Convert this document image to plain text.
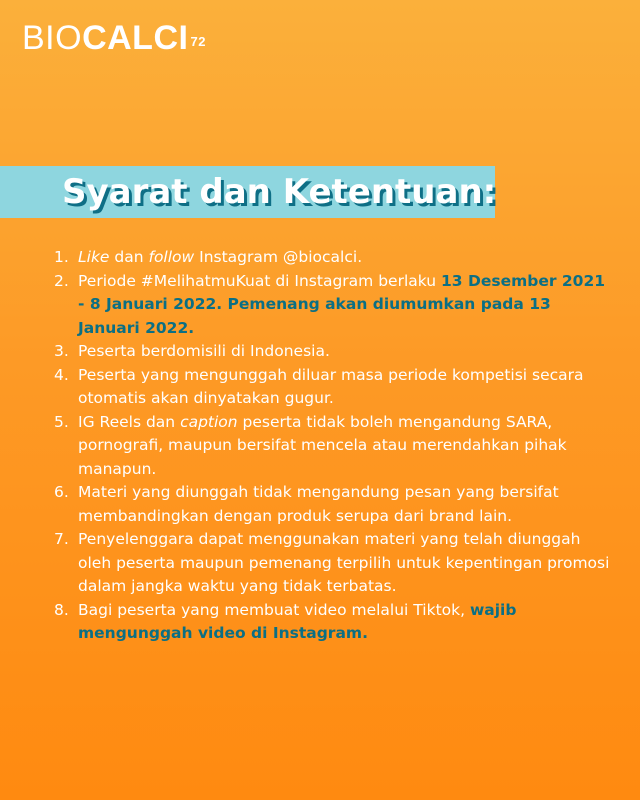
BIOCALCI $^{72}$
Syarat dan Ketentuan:
1. Like dan follow Instagram @biocalci.
2. Periode #MelihatmuKuat di Instagram berlaku 13 Desember 2021 - 8 Januari 2022. Pemenang akan diumumkan pada 13 Januari 2022.
3. Peserta berdomisili di Indonesia.
4. Peserta yang mengunggah diluar masa periode kompetisi secara otomatis akan dinyatakan gugur.
5. IG Reels dan caption peserta tidak boleh mengandung SARA, pornografi, maupun bersifat mencela atau merendahkan pihak manapun.
6. Materi yang diunggah tidak mengandung pesan yang bersifat membandingkan dengan produk serupa dari brand lain.
7. Penyelenggara dapat menggunakan materi yang telah diunggah oleh peserta maupun pemenang terpilih untuk kepentingan promosi dalam jangka waktu yang tidak terbatas.
8. Bagi peserta yang membuat video melalui Tiktok, wajib mengunggah video di Instagram.
